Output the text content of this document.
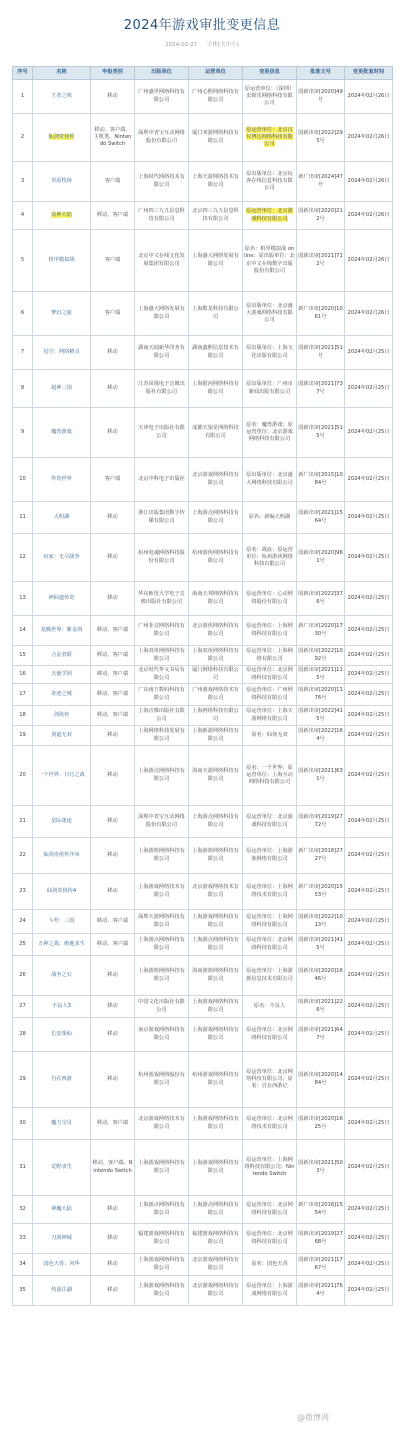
2024年游戏审批变更信息
2024-02-27 字体[大中小]
序号	名称	申报类别	出版单位	运营单位	变更信息	批准文号	变更批复时间
1	王者之境	移动	广州盛世网络科技有限公司	广州心熙网络科技有限公司	原运营单位：（深圳）虫娱乐网络科技有限公司	国新出审[2020]49号	2024年02月26日
2	仙剑奇侠传	移动、客户端、主机类、Nintendo Switch	深圳中青宝互动网络股份有限公司	厦门米游网络科技有限公司	原运营单位：北京汉仪博达网络科技有限公司	国新出审[2022]295号	2024年02月26日
3	草原牧场	客户端	上海时代网络技术有限公司	上海天游网络技术有限公司	原出版单位：北京玩客在线信息科技有限公司	新广出审[2024]47号	2024年02月26日
4	众神大陆	移动、客户端	广州四三九九信息科技有限公司	北京四三九九信息科技有限公司	原运营单位：北京游戏科技有限公司	国新出审[2020]212号	2024年02月26日
5	机甲模拟战	客户端	北京中文在线文化发展集团有限公司	上海盛大网络发展有限公司	原名：机甲模拟战 online；原出版单位：北京中文在线数字出版股份有限公司	国新出审[2021]712号	2024年02月26日
6	梦幻之旅	客户端	上海盛大网络发展有限公司	上海数龙科技有限公司	原出版单位：北京盛大游戏网络科技有限公司	新广出审[2020]1061号	2024年02月26日
7	星空：网络精灵	移动	湖南天闻新华印务有限公司	湖南鑫熙信息技术有限公司	原出版单位：上海文化出版有限公司	国新出审[2021]51号	2024年02月25日
8	超神三国	移动	江苏凤凰电子音像出版社有限公司	上海银河网络科技有限公司	原出版单位：广州市新闻出版有限公司	国新出审[2021]737号	2024年02月25日
9	魔兽游戏	移动	天津电子出版社有限公司	成都天狼星网络科技有限公司	原名：魔兽游戏；原运营单位：北京游戏网络科技有限公司	国新出审[2021]515号	2024年02月25日
10	传奇世界	客户端	北京中科电子出版社	北京游戏网络科技有限公司	原出版单位：北京盛大网络科技有限公司	新广出审[2015]1084号	2024年02月25日
11	大明湖	移动	浙江出版集团数字传媒有限公司	上海游点网络科技有限公司	原名：新编大明湖	国新出审[2021]1564号	2024年02月25日
12	玩家：无尽战争	移动	杭州电魂网络科技股份有限公司	杭州游侠网络科技有限公司	原名：战血；原运营单位：杭州游侠网络科技有限公司	国新出审[2020]961号	2024年02月25日
13	神仙道传奇	移动	华东师范大学电子音像出版社有限公司	海南天邦网络科技有限公司	原运营单位：心动网络股份有限公司	国新出审[2022]376号	2024年02月25日
14	龙腾世界：紫金剑	移动、客户端	广州菲音网络科技有限公司	北京游侠网络科技有限公司	原运营单位：上海网络科技有限公司	新广出审[2020]1730号	2024年02月25日
15	合金者联	移动、客户端	上海双鱼网络科技有限公司	上海双鱼网络科技有限公司	原运营单位：上海网络有限公司	国新出审[2022]1092号	2024年02月25日
16	天使学园	移动、客户端	北京时代华文书局有限公司	厦门网络科技有限公司	原运营单位：北京网络科技有限公司	国新出审[2021]115号	2024年02月25日
17	奇迹之城	移动、客户端	广东南方数码科技有限公司	广州游戏网络技术有限公司	原运营单位：广州网络科技有限公司	国新出审[2020]1176号	2024年02月25日
18	剑侠传	移动、客户端	上海音像出版社有限公司	上海网络科技有限公司	原运营单位：上海天游网络有限公司	国新出审[2022]415号	2024年02月25日
19	剑道无双	移动	上海网络科技发展有限公司	上海新游网络科技有限公司	原名：仙侠无双	国新出审[2022]164号	2024年02月25日
20	一个世界：日月之战	移动	上海游点网络科技有限公司	海南天游网络科技有限公司	原名：一个世界；原运营单位：上海互动网络科技有限公司	国新出审[2021]631号	2024年02月25日
21	星际迷途	移动	深圳中青宝互动网络股份有限公司	上海游点网络科技有限公司	原运营单位：北京游戏科技有限公司	国新出审[2019]2772号	2024年02月25日
22	仙剑奇侠传序章	移动	上海游族网络科技有限公司	上海游族网络科技有限公司	原运营单位：上海游族网络有限公司	新广出审[2016]2727号	2024年02月25日
23	仙剑奇侠传4	移动	上海游戏网络技术有限公司	北京游戏网络技术有限公司	原运营单位：上海网络技术有限公司	新广出审[2020]1553号	2024年02月25日
24	斗罗：三国	移动、客户端	深圳天游网络科技有限公司	上海游戏网络科技有限公司	原运营单位：上海网络科技有限公司	国新出审[2022]1013号	2024年02月25日
25	万神之战：绝地求生	移动、客户端	上海游点网络科技有限公司	上海游点网络科技有限公司	原运营单位：北京网络科技有限公司	国新出审[2021]415号	2024年02月25日
26	战争之石	移动	上海游族网络科技有限公司	海南游族网络科技有限公司	原运营单位：上海游族信息技术有限公司	国新出审[2020]1646号	2024年02月25日
27	不良人3	移动	中国文化出版社有限公司	上海游戏网络科技有限公司	原名：不良人	国新出审[2021]226号	2024年02月25日
28	长安诛仙	移动	南京游戏网络科技有限公司	上海游戏网络科技有限公司	原运营单位：北京网络科技有限公司	国新出审[2021]647号	2024年02月25日
29	自在西游	移动	杭州游戏网络股份有限公司	杭州游戏网络科技有限公司	原运营单位：北京网络科技有限公司；原名：自在西游记	国新出审[2020]1484号	2024年02月25日
30	魔力宝贝	移动、客户端	北京游戏网络技术有限公司	上海游戏网络科技有限公司	原运营单位：北京网络技术有限公司	国新出审[2020]1625号	2024年02月25日
31	荒野求生	移动、客户端、Nintendo Switch	上海游戏网络科技有限公司	上海游戏网络科技有限公司	原运营单位：上海网络科技有限公司；Nintendo Switch	国新出审[2021]503号	2024年02月25日
32	神魔大陆	移动	上海游点网络科技有限公司	上海游点网络科技有限公司	原运营单位：北京网络科技有限公司	新广出审[2016]1554号	2024年02月25日
33	刀剑神域	移动	福建游戏网络科技有限公司	福建游戏网络科技有限公司	原运营单位：北京网络科技有限公司	国新出审[2019]2768号	2024年02月25日
34	国色天香：风华	移动	上海游戏网络科技有限公司	北京游戏网络科技有限公司	原名：国色天香	国新出审[2021]1767号	2024年02月25日
35	热血江湖	移动	上海游戏网络科技有限公司	北京游戏网络科技有限公司	原运营单位：上海游戏网络有限公司	国新出审[2021]764号	2024年02月25日
@微博网
